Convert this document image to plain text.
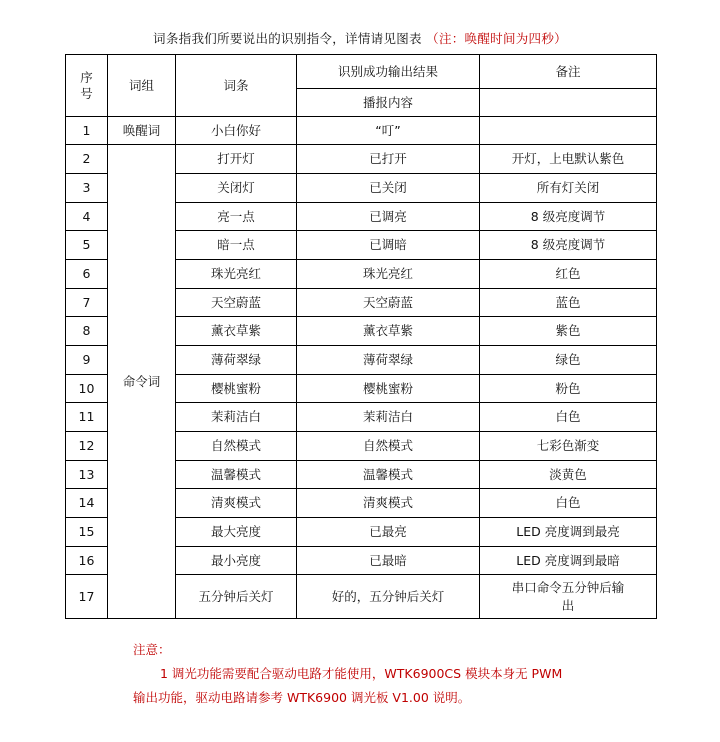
词条指我们所要说出的识别指令，详情请见图表 （注：唤醒时间为四秒）
序号	词组	词条	识别成功输出结果	备注
			播报内容	
1	唤醒词	小白你好	“叮”	
2	命令词	打开灯	已打开	开灯，上电默认紫色
3		关闭灯	已关闭	所有灯关闭
4		亮一点	已调亮	8 级亮度调节
5		暗一点	已调暗	8 级亮度调节
6		珠光亮红	珠光亮红	红色
7		天空蔚蓝	天空蔚蓝	蓝色
8		薰衣草紫	薰衣草紫	紫色
9		薄荷翠绿	薄荷翠绿	绿色
10		樱桃蜜粉	樱桃蜜粉	粉色
11		茉莉洁白	茉莉洁白	白色
12		自然模式	自然模式	七彩色渐变
13		温馨模式	温馨模式	淡黄色
14		清爽模式	清爽模式	白色
15		最大亮度	已最亮	LED 亮度调到最亮
16		最小亮度	已最暗	LED 亮度调到最暗
17		五分钟后关灯	好的，五分钟后关灯	串口命令五分钟后输出
注意：
1 调光功能需要配合驱动电路才能使用，WTK6900CS 模块本身无 PWM
输出功能，驱动电路请参考 WTK6900 调光板 V1.00 说明。
